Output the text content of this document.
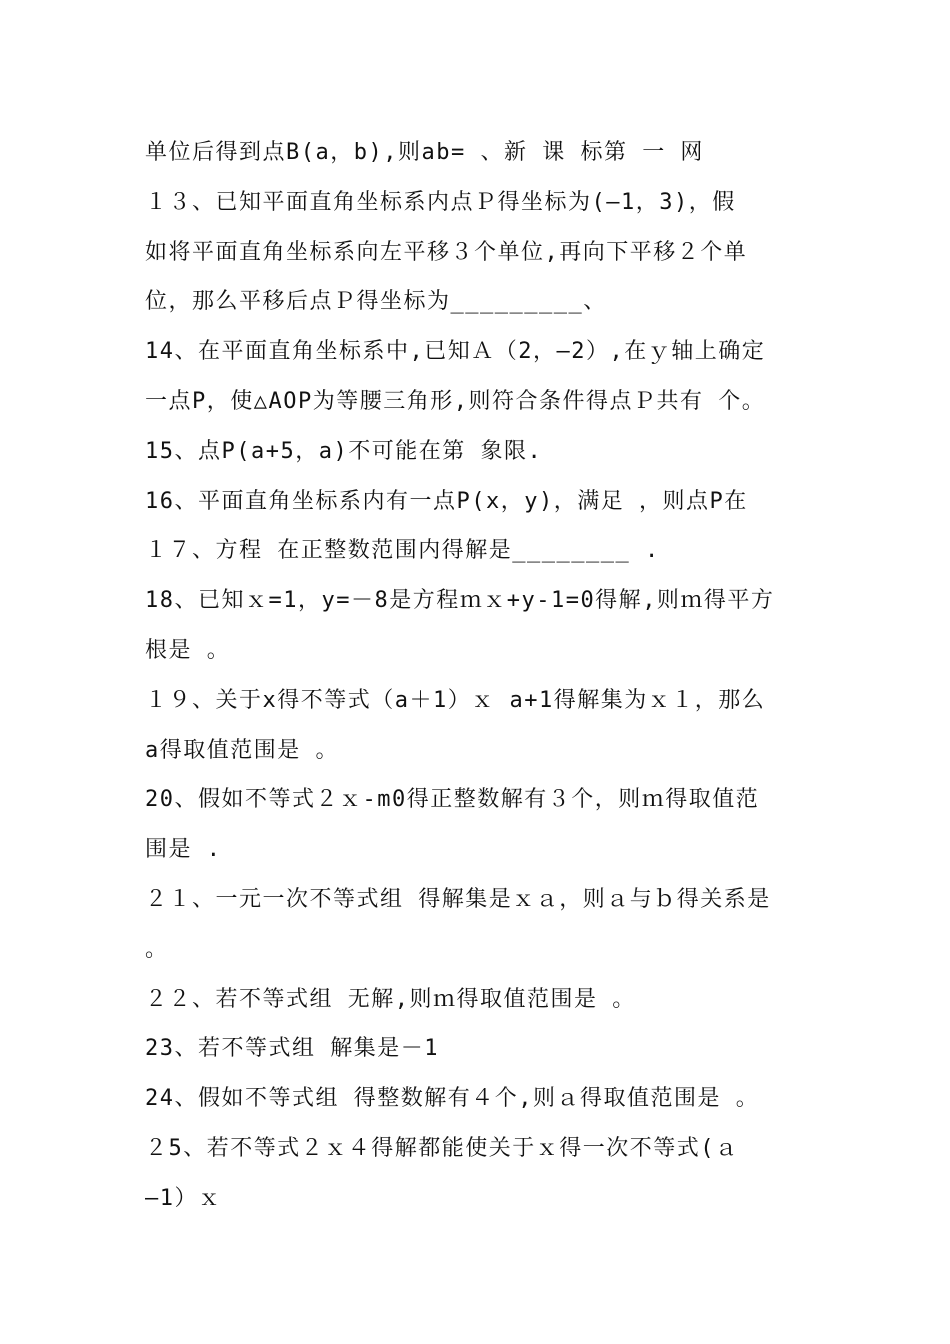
单位后得到点B(a，b),则ab= 、新 课 标第 一 网
１３、已知平面直角坐标系内点Ｐ得坐标为(—1，3)，假
如将平面直角坐标系向左平移３个单位,再向下平移２个单
位，那么平移后点Ｐ得坐标为_________、
14、在平面直角坐标系中,已知Ａ（2，—2）,在ｙ轴上确定
一点P，使△AOP为等腰三角形,则符合条件得点Ｐ共有 个。
15、点P(a+5，a)不可能在第 象限.
16、平面直角坐标系内有一点P(x，y)，满足 ，则点P在
１７、方程 在正整数范围内得解是________ .
18、已知ｘ=1，y=－8是方程ｍｘ+y-1=0得解,则ｍ得平方
根是 。
１９、关于x得不等式（a＋1）ｘ a+1得解集为ｘ１，那么
a得取值范围是 。
20、假如不等式２ｘ-m0得正整数解有３个，则ｍ得取值范
围是 .
２１、一元一次不等式组 得解集是ｘａ，则ａ与ｂ得关系是
。
２２、若不等式组 无解,则ｍ得取值范围是 。
23、若不等式组 解集是－1
24、假如不等式组 得整数解有４个,则ａ得取值范围是 。
２5、若不等式２ｘ４得解都能使关于ｘ得一次不等式(ａ
—1）ｘ
